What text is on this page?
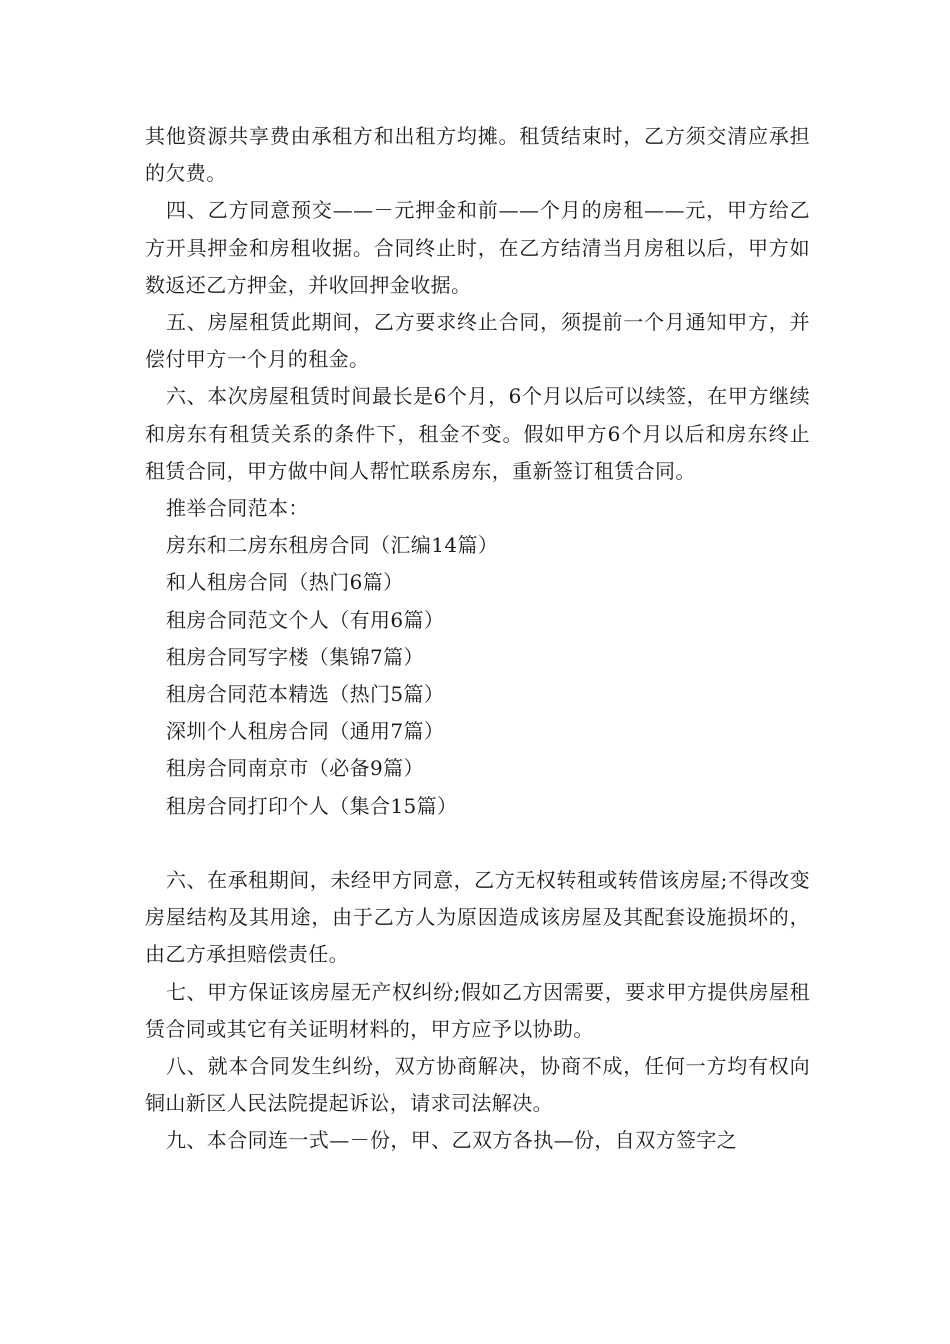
其他资源共享费由承租方和出租方均摊。租赁结束时，乙方须交清应承担的欠费。

四、乙方同意预交——－元押金和前——个月的房租——元，甲方给乙方开具押金和房租收据。合同终止时，在乙方结清当月房租以后，甲方如数返还乙方押金，并收回押金收据。

五、房屋租赁此期间，乙方要求终止合同，须提前一个月通知甲方，并偿付甲方一个月的租金。

六、本次房屋租赁时间最长是6个月，6个月以后可以续签，在甲方继续和房东有租赁关系的条件下，租金不变。假如甲方6个月以后和房东终止租赁合同，甲方做中间人帮忙联系房东，重新签订租赁合同。

推举合同范本：

房东和二房东租房合同（汇编14篇）
和人租房合同（热门6篇）
租房合同范文个人（有用6篇）
租房合同写字楼（集锦7篇）
租房合同范本精选（热门5篇）
深圳个人租房合同（通用7篇）
租房合同南京市（必备9篇）
租房合同打印个人（集合15篇）

六、在承租期间，未经甲方同意，乙方无权转租或转借该房屋;不得改变房屋结构及其用途，由于乙方人为原因造成该房屋及其配套设施损坏的，由乙方承担赔偿责任。

七、甲方保证该房屋无产权纠纷;假如乙方因需要，要求甲方提供房屋租赁合同或其它有关证明材料的，甲方应予以协助。

八、就本合同发生纠纷，双方协商解决，协商不成，任何一方均有权向铜山新区人民法院提起诉讼，请求司法解决。

九、本合同连一式—－份，甲、乙双方各执—份，自双方签字之
